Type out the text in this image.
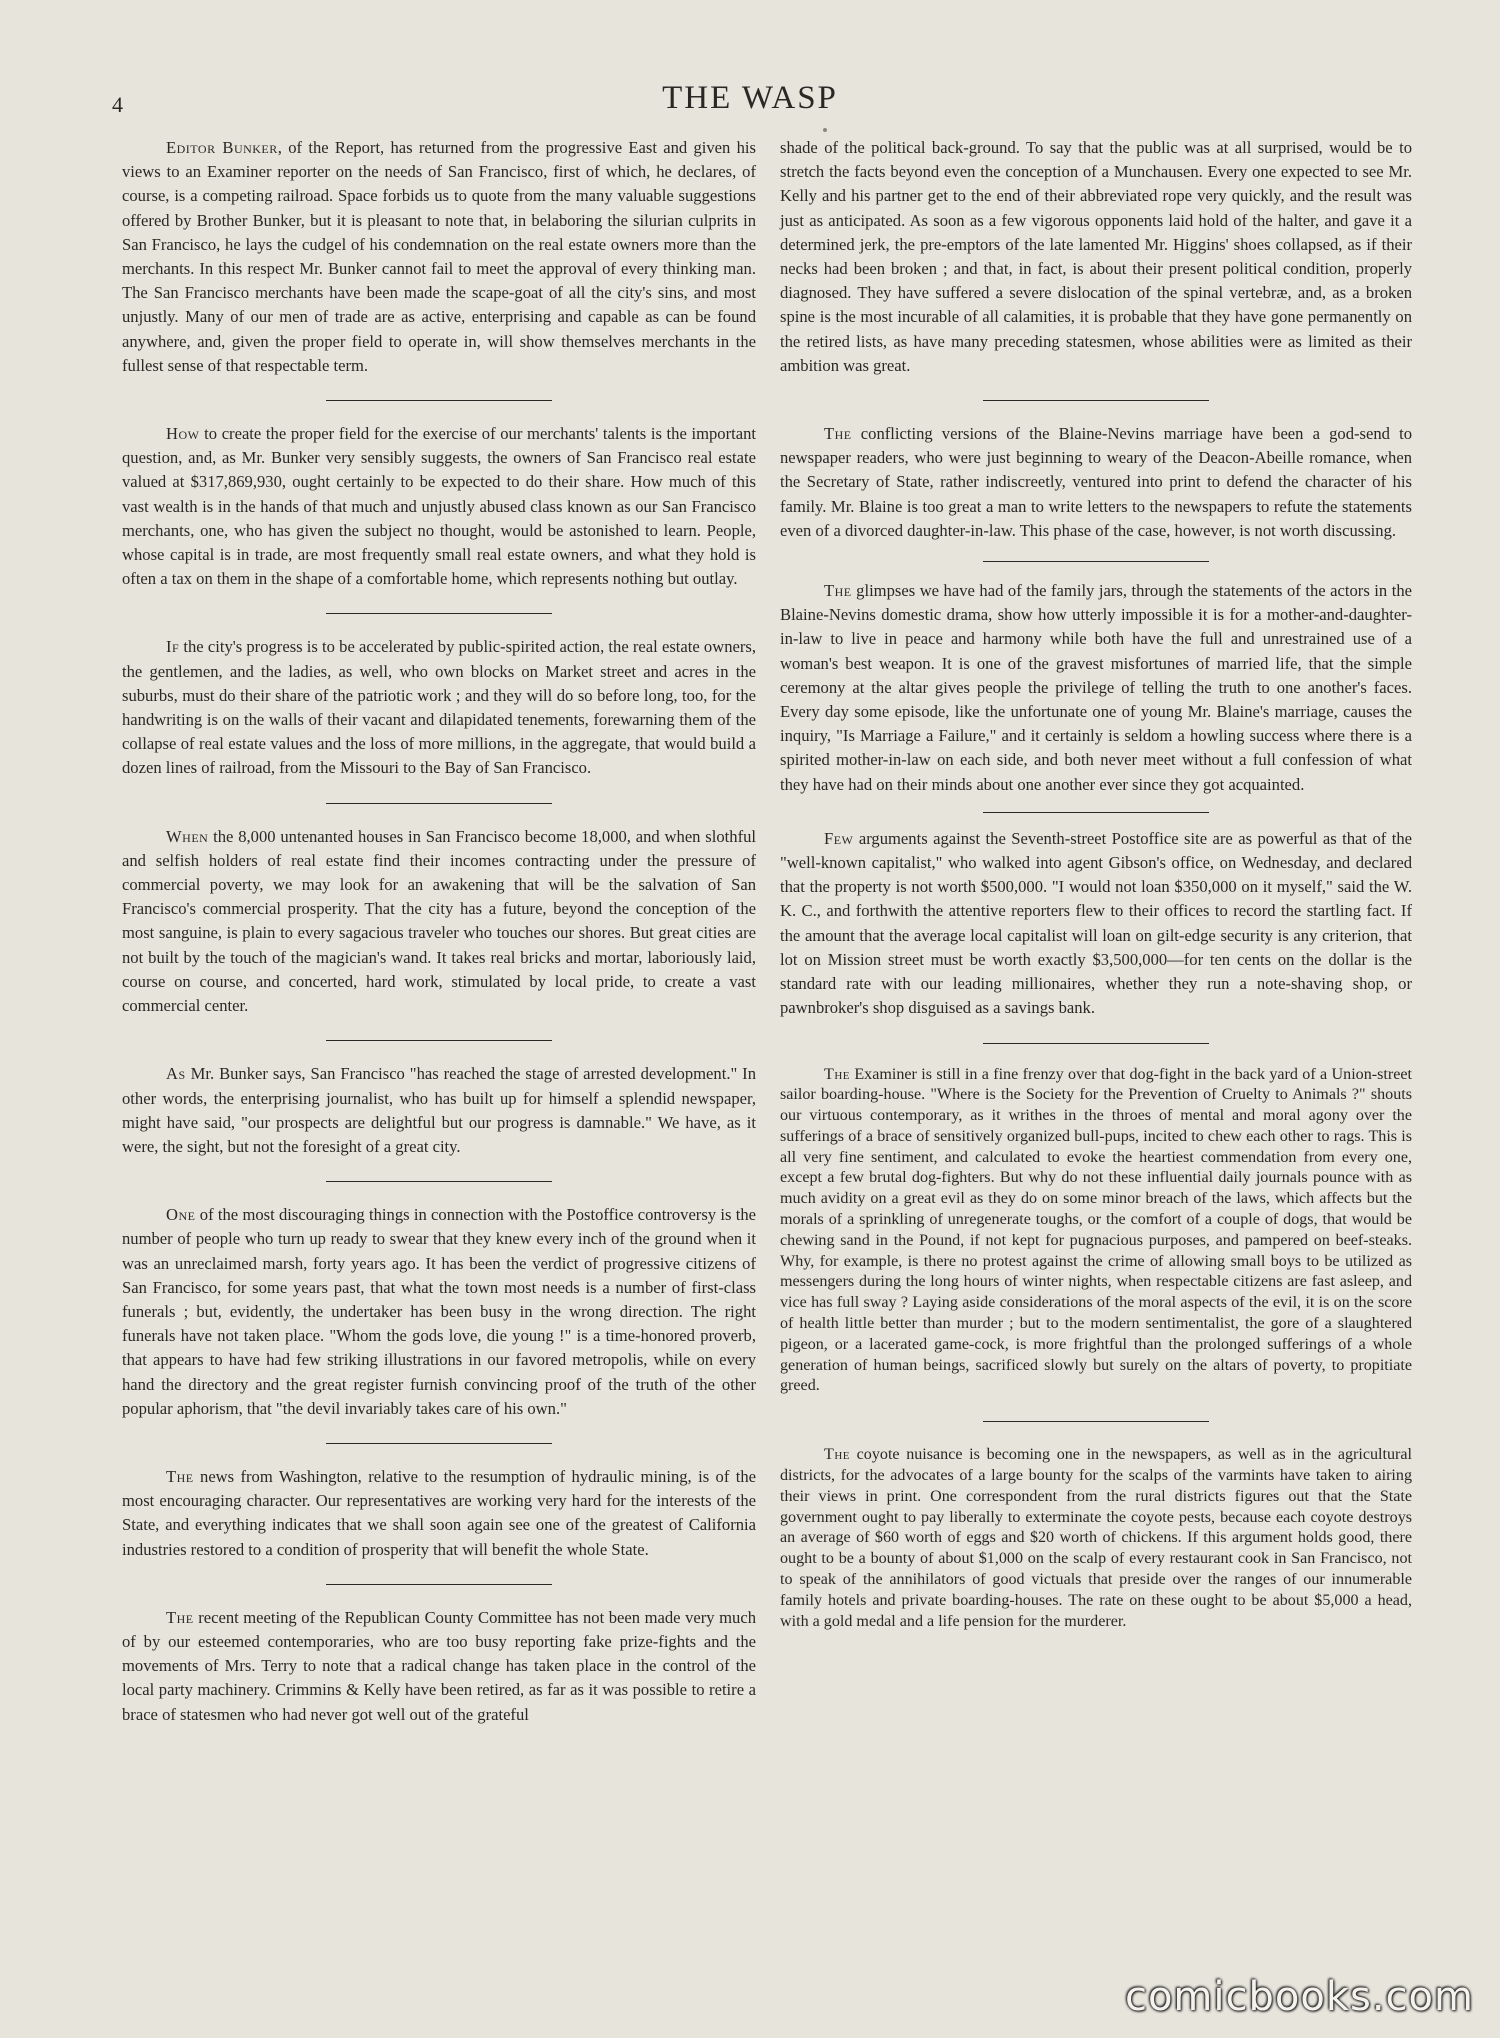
4	THE WASP

Editor Bunker, of the Report, has returned from the progressive East and given his views to an Examiner reporter on the needs of San Francisco, first of which, he declares, of course, is a competing railroad. Space forbids us to quote from the many valuable suggestions offered by Brother Bunker, but it is pleasant to note that, in belaboring the silurian culprits in San Francisco, he lays the cudgel of his condemnation on the real estate owners more than the merchants. In this respect Mr. Bunker cannot fail to meet the approval of every thinking man. The San Francisco merchants have been made the scape-goat of all the city's sins, and most unjustly. Many of our men of trade are as active, enterprising and capable as can be found anywhere, and, given the proper field to operate in, will show themselves merchants in the fullest sense of that respectable term.

How to create the proper field for the exercise of our merchants' talents is the important question, and, as Mr. Bunker very sensibly suggests, the owners of San Francisco real estate valued at $317,869,930, ought certainly to be expected to do their share. How much of this vast wealth is in the hands of that much and unjustly abused class known as our San Francisco merchants, one, who has given the subject no thought, would be astonished to learn. People, whose capital is in trade, are most frequently small real estate owners, and what they hold is often a tax on them in the shape of a comfortable home, which represents nothing but outlay.

If the city's progress is to be accelerated by public-spirited action, the real estate owners, the gentlemen, and the ladies, as well, who own blocks on Market street and acres in the suburbs, must do their share of the patriotic work ; and they will do so before long, too, for the handwriting is on the walls of their vacant and dilapidated tenements, forewarning them of the collapse of real estate values and the loss of more millions, in the aggregate, that would build a dozen lines of railroad, from the Missouri to the Bay of San Francisco.

When the 8,000 untenanted houses in San Francisco become 18,000, and when slothful and selfish holders of real estate find their incomes contracting under the pressure of commercial poverty, we may look for an awakening that will be the salvation of San Francisco's commercial prosperity. That the city has a future, beyond the conception of the most sanguine, is plain to every sagacious traveler who touches our shores. But great cities are not built by the touch of the magician's wand. It takes real bricks and mortar, laboriously laid, course on course, and concerted, hard work, stimulated by local pride, to create a vast commercial center.

As Mr. Bunker says, San Francisco "has reached the stage of arrested development." In other words, the enterprising journalist, who has built up for himself a splendid newspaper, might have said, "our prospects are delightful but our progress is damnable." We have, as it were, the sight, but not the foresight of a great city.

One of the most discouraging things in connection with the Postoffice controversy is the number of people who turn up ready to swear that they knew every inch of the ground when it was an unreclaimed marsh, forty years ago. It has been the verdict of progressive citizens of San Francisco, for some years past, that what the town most needs is a number of first-class funerals ; but, evidently, the undertaker has been busy in the wrong direction. The right funerals have not taken place. "Whom the gods love, die young !" is a time-honored proverb, that appears to have had few striking illustrations in our favored metropolis, while on every hand the directory and the great register furnish convincing proof of the truth of the other popular aphorism, that "the devil invariably takes care of his own."

The news from Washington, relative to the resumption of hydraulic mining, is of the most encouraging character. Our representatives are working very hard for the interests of the State, and everything indicates that we shall soon again see one of the greatest of California industries restored to a condition of prosperity that will benefit the whole State.

The recent meeting of the Republican County Committee has not been made very much of by our esteemed contemporaries, who are too busy reporting fake prize-fights and the movements of Mrs. Terry to note that a radical change has taken place in the control of the local party machinery. Crimmins & Kelly have been retired, as far as it was possible to retire a brace of statesmen who had never got well out of the grateful

shade of the political back-ground. To say that the public was at all surprised, would be to stretch the facts beyond even the conception of a Munchausen. Every one expected to see Mr. Kelly and his partner get to the end of their abbreviated rope very quickly, and the result was just as anticipated. As soon as a few vigorous opponents laid hold of the halter, and gave it a determined jerk, the pre-emptors of the late lamented Mr. Higgins' shoes collapsed, as if their necks had been broken ; and that, in fact, is about their present political condition, properly diagnosed. They have suffered a severe dislocation of the spinal vertebræ, and, as a broken spine is the most incurable of all calamities, it is probable that they have gone permanently on the retired lists, as have many preceding statesmen, whose abilities were as limited as their ambition was great.

The conflicting versions of the Blaine-Nevins marriage have been a god-send to newspaper readers, who were just beginning to weary of the Deacon-Abeille romance, when the Secretary of State, rather indiscreetly, ventured into print to defend the character of his family. Mr. Blaine is too great a man to write letters to the newspapers to refute the statements even of a divorced daughter-in-law. This phase of the case, however, is not worth discussing.

The glimpses we have had of the family jars, through the statements of the actors in the Blaine-Nevins domestic drama, show how utterly impossible it is for a mother-and-daughter-in-law to live in peace and harmony while both have the full and unrestrained use of a woman's best weapon. It is one of the gravest misfortunes of married life, that the simple ceremony at the altar gives people the privilege of telling the truth to one another's faces. Every day some episode, like the unfortunate one of young Mr. Blaine's marriage, causes the inquiry, "Is Marriage a Failure," and it certainly is seldom a howling success where there is a spirited mother-in-law on each side, and both never meet without a full confession of what they have had on their minds about one another ever since they got acquainted.

Few arguments against the Seventh-street Postoffice site are as powerful as that of the "well-known capitalist," who walked into agent Gibson's office, on Wednesday, and declared that the property is not worth $500,000. "I would not loan $350,000 on it myself," said the W. K. C., and forthwith the attentive reporters flew to their offices to record the startling fact. If the amount that the average local capitalist will loan on gilt-edge security is any criterion, that lot on Mission street must be worth exactly $3,500,000—for ten cents on the dollar is the standard rate with our leading millionaires, whether they run a note-shaving shop, or pawnbroker's shop disguised as a savings bank.

The Examiner is still in a fine frenzy over that dog-fight in the back yard of a Union-street sailor boarding-house. "Where is the Society for the Prevention of Cruelty to Animals ?" shouts our virtuous contemporary, as it writhes in the throes of mental and moral agony over the sufferings of a brace of sensitively organized bull-pups, incited to chew each other to rags. This is all very fine sentiment, and calculated to evoke the heartiest commendation from every one, except a few brutal dog-fighters. But why do not these influential daily journals pounce with as much avidity on a great evil as they do on some minor breach of the laws, which affects but the morals of a sprinkling of unregenerate toughs, or the comfort of a couple of dogs, that would be chewing sand in the Pound, if not kept for pugnacious purposes, and pampered on beef-steaks. Why, for example, is there no protest against the crime of allowing small boys to be utilized as messengers during the long hours of winter nights, when respectable citizens are fast asleep, and vice has full sway ? Laying aside considerations of the moral aspects of the evil, it is on the score of health little better than murder ; but to the modern sentimentalist, the gore of a slaughtered pigeon, or a lacerated game-cock, is more frightful than the prolonged sufferings of a whole generation of human beings, sacrificed slowly but surely on the altars of poverty, to propitiate greed.

The coyote nuisance is becoming one in the newspapers, as well as in the agricultural districts, for the advocates of a large bounty for the scalps of the varmints have taken to airing their views in print. One correspondent from the rural districts figures out that the State government ought to pay liberally to exterminate the coyote pests, because each coyote destroys an average of $60 worth of eggs and $20 worth of chickens. If this argument holds good, there ought to be a bounty of about $1,000 on the scalp of every restaurant cook in San Francisco, not to speak of the annihilators of good victuals that preside over the ranges of our innumerable family hotels and private boarding-houses. The rate on these ought to be about $5,000 a head, with a gold medal and a life pension for the murderer.

comicbooks.com
